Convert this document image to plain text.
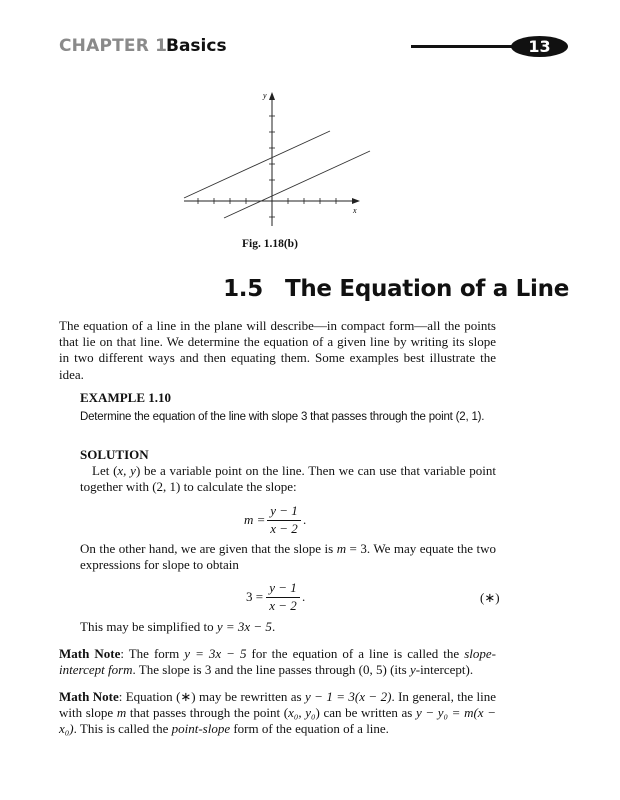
CHAPTER 1
Basics	13
y
x
Fig. 1.18(b)
1.5 The Equation of a Line
The equation of a line in the plane will describe—in compact form—all the points that lie on that line. We determine the equation of a given line by writing its slope in two different ways and then equating them. Some examples best illustrate the idea.
EXAMPLE 1.10
Determine the equation of the line with slope 3 that passes through the point (2, 1).
SOLUTION
Let (x, y) be a variable point on the line. Then we can use that variable point together with (2, 1) to calculate the slope:
m =
y − 1
x − 2
.
On the other hand, we are given that the slope is m = 3. We may equate the two expressions for slope to obtain
3 =
y − 1
x − 2
.	(∗)
This may be simplified to y = 3x − 5.
Math Note: The form y = 3x − 5 for the equation of a line is called the slope-intercept form. The slope is 3 and the line passes through (0, 5) (its y-intercept).
Math Note: Equation (∗) may be rewritten as y − 1 = 3(x − 2). In general, the line with slope m that passes through the point (x₀, y₀) can be written as y − y₀ = m(x − x₀). This is called the point-slope form of the equation of a line.
